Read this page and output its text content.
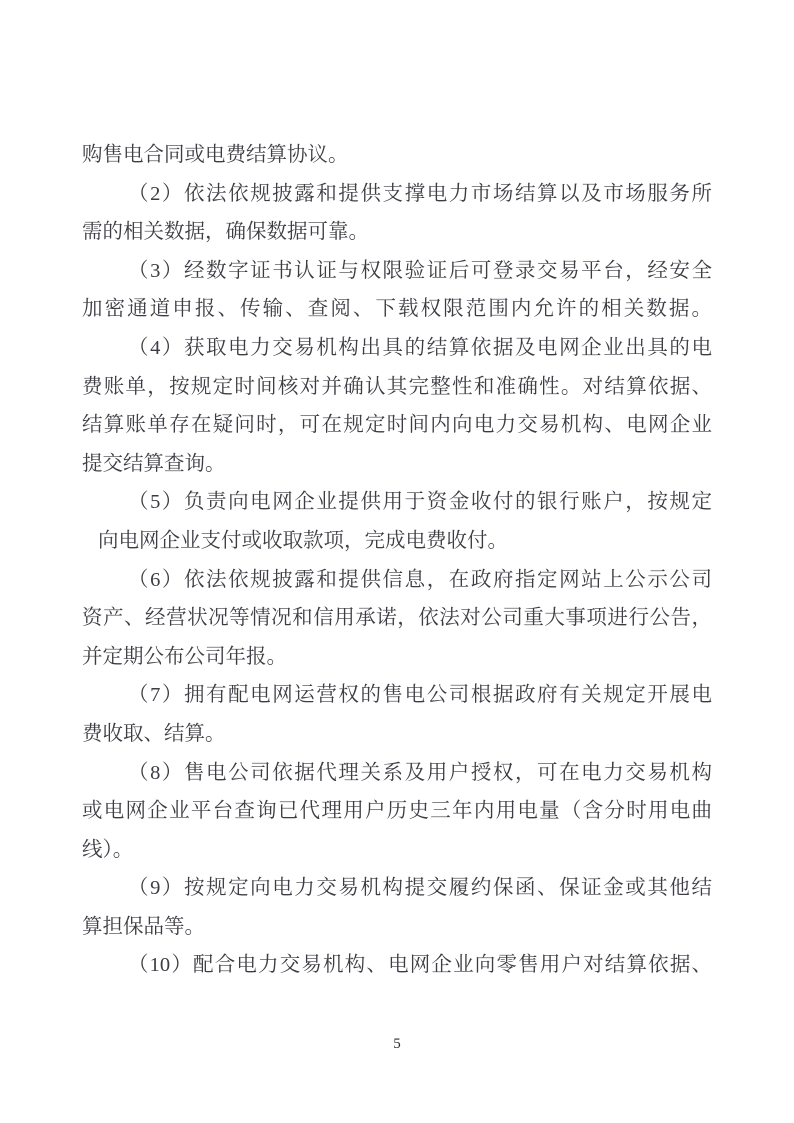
购售电合同或电费结算协议。
（2）依法依规披露和提供支撑电力市场结算以及市场服务所
需的相关数据，确保数据可靠。
（3）经数字证书认证与权限验证后可登录交易平台，经安全
加密通道申报、传输、查阅、下载权限范围内允许的相关数据。
（4）获取电力交易机构出具的结算依据及电网企业出具的电
费账单，按规定时间核对并确认其完整性和准确性。对结算依据、
结算账单存在疑问时，可在规定时间内向电力交易机构、电网企业
提交结算查询。
（5）负责向电网企业提供用于资金收付的银行账户，按规定
向电网企业支付或收取款项，完成电费收付。
（6）依法依规披露和提供信息，在政府指定网站上公示公司
资产、经营状况等情况和信用承诺，依法对公司重大事项进行公告，
并定期公布公司年报。
（7）拥有配电网运营权的售电公司根据政府有关规定开展电
费收取、结算。
（8）售电公司依据代理关系及用户授权，可在电力交易机构
或电网企业平台查询已代理用户历史三年内用电量（含分时用电曲
线）。
（9）按规定向电力交易机构提交履约保函、保证金或其他结
算担保品等。
（10）配合电力交易机构、电网企业向零售用户对结算依据、
5
